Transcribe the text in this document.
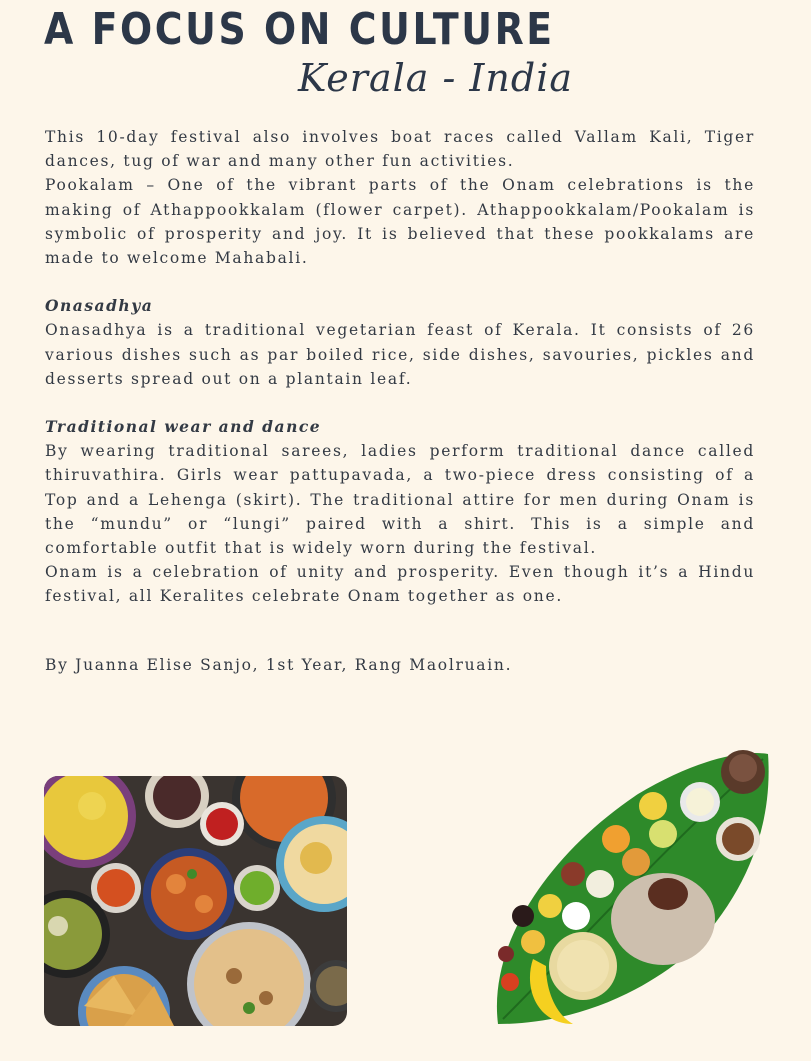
A FOCUS ON CULTURE
Kerala - India

This 10-day festival also involves boat races called Vallam Kali, Tiger dances, tug of war and many other fun activities.

Pookalam – One of the vibrant parts of the Onam celebrations is the making of Athappookkalam (flower carpet). Athappookkalam/Pookalam is symbolic of prosperity and joy. It is believed that these pookkalams are made to welcome Mahabali.

Onasadhya

Onasadhya is a traditional vegetarian feast of Kerala. It consists of 26 various dishes such as par boiled rice, side dishes, savouries, pickles and desserts spread out on a plantain leaf.

Traditional wear and dance

By wearing traditional sarees, ladies perform traditional dance called thiruvathira. Girls wear pattupavada, a two-piece dress consisting of a Top and a Lehenga (skirt). The traditional attire for men during Onam is the “mundu” or “lungi” paired with a shirt. This is a simple and comfortable outfit that is widely worn during the festival.

Onam is a celebration of unity and prosperity. Even though it’s a Hindu festival, all Keralites celebrate Onam together as one.

By Juanna Elise Sanjo, 1st Year, Rang Maolruain.
